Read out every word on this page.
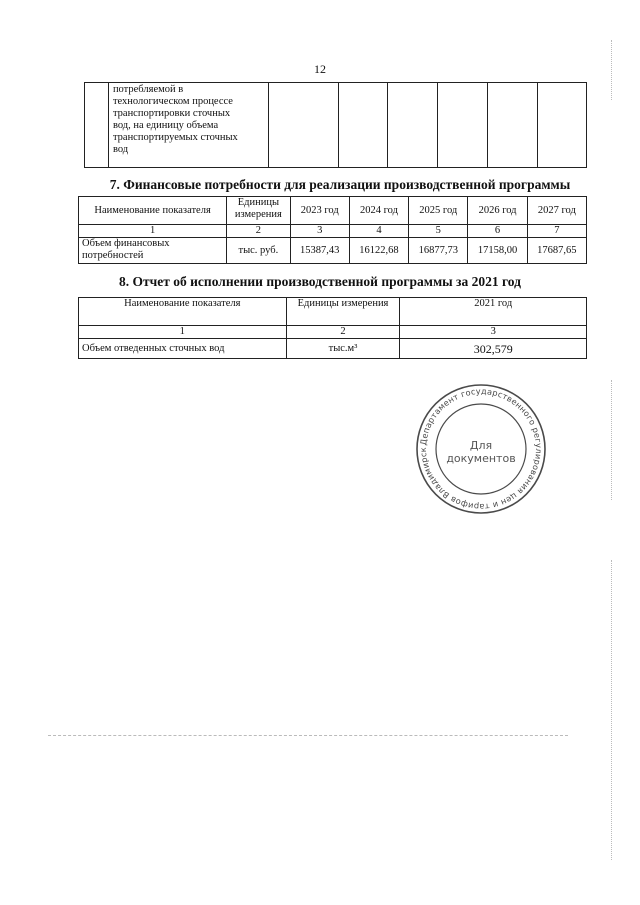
12

потребляемой в
технологическом процессе
транспортировки сточных
вод, на единицу объема
транспортируемых сточных
вод

7. Финансовые потребности для реализации производственной программы
Наименование показателя	Единицы измерения	2023 год	2024 год	2025 год	2026 год	2027 год
1	2	3	4	5	6	7
Объем финансовых потребностей	тыс. руб.	15387,43	16122,68	16877,73	17158,00	17687,65
8. Отчет об исполнении производственной программы за 2021 год
Наименование показателя	Единицы измерения	2021 год
1	2	3
Объем отведенных сточных вод	тыс.м³	302,579
Департамент государственного регулирования цен и тарифов Владимирск	Для
документов
